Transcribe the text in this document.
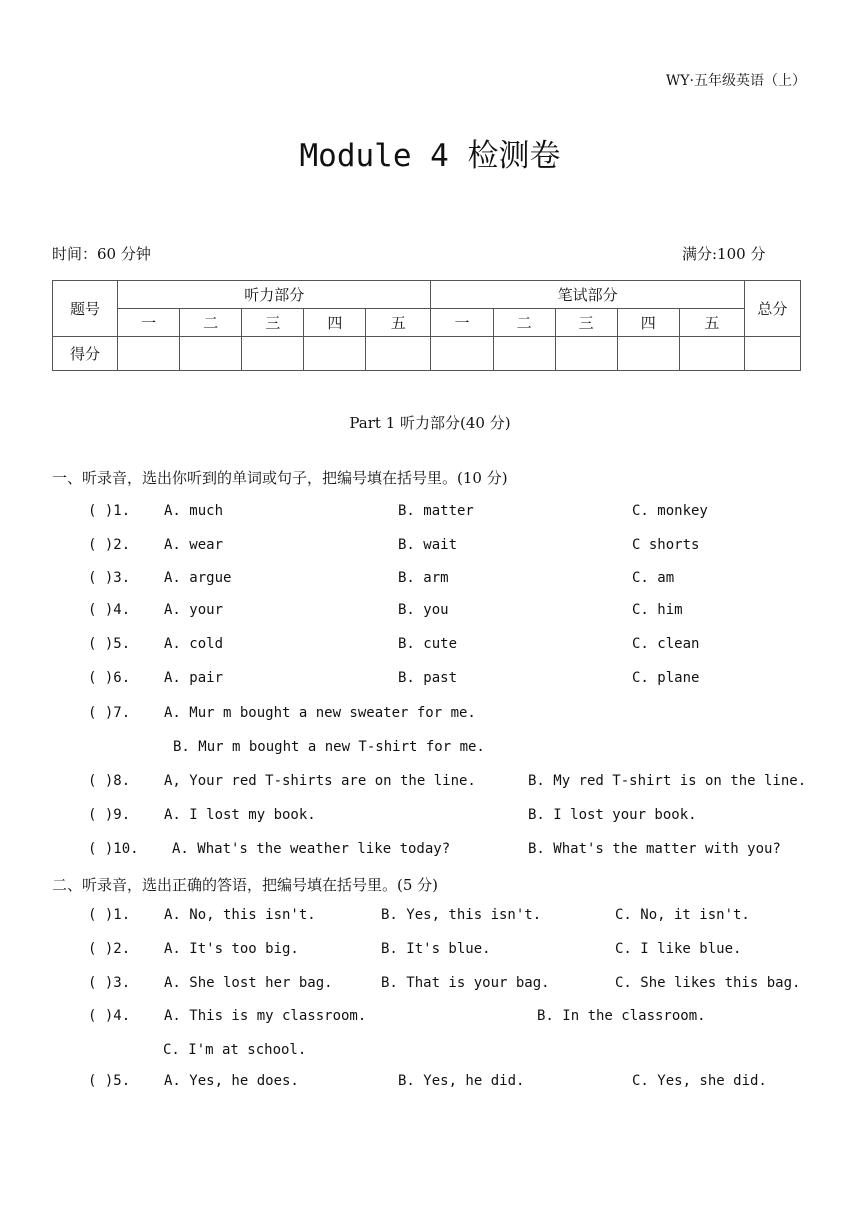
WY·五年级英语（上）
Module 4 检测卷
时间：60 分钟	满分:100 分
题号	听力部分					笔试部分					总分
	一	二	三	四	五	一	二	三	四	五	
得分											
Part 1 听力部分(40 分)
一、听录音，选出你听到的单词或句子，把编号填在括号里。(10 分)
( )1. A. much	B. matter	C. monkey
( )2. A. wear	B. wait	C shorts
( )3. A. argue	B. arm	C. am
( )4. A. your	B. you	C. him
( )5. A. cold	B. cute	C. clean
( )6. A. pair	B. past	C. plane
( )7. A. Mur m bought a new sweater for me.
B. Mur m bought a new T-shirt for me.
( )8. A, Your red T-shirts are on the line.	B. My red T-shirt is on the line.
( )9. A. I lost my book.	B. I lost your book.
( )10. A. What's the weather like today?	B. What's the matter with you?
二、听录音，选出正确的答语，把编号填在括号里。(5 分)
( )1. A. No, this isn't.	B. Yes, this isn't.	C. No, it isn't.
( )2. A. It's too big.	B. It's blue.	C. I like blue.
( )3. A. She lost her bag.	B. That is your bag.	C. She likes this bag.
( )4. A. This is my classroom.	B. In the classroom.
C. I'm at school.
( )5. A. Yes, he does.	B. Yes, he did.	C. Yes, she did.
